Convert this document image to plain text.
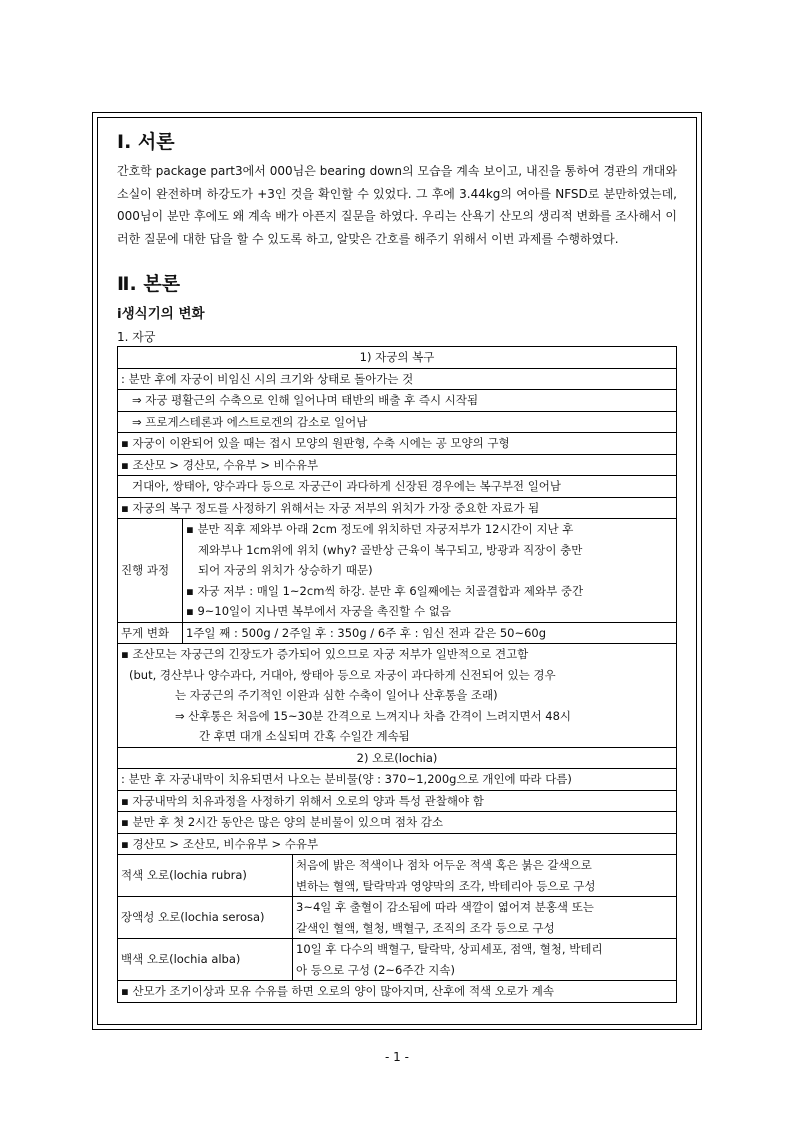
Ⅰ. 서론

간호학 package part3에서 000님은 bearing down의 모습을 계속 보이고, 내진을 통하여 경관의 개대와 소실이 완전하며 하강도가 +3인 것을 확인할 수 있었다. 그 후에 3.44kg의 여아를 NFSD로 분만하였는데, 000님이 분만 후에도 왜 계속 배가 아픈지 질문을 하였다. 우리는 산욕기 산모의 생리적 변화를 조사해서 이러한 질문에 대한 답을 할 수 있도록 하고, 알맞은 간호를 해주기 위해서 이번 과제를 수행하였다.

Ⅱ. 본론
ⅰ생식기의 변화
1. 자궁
1) 자궁의 복구	
: 분만 후에 자궁이 비임신 시의 크기와 상태로 돌아가는 것	
⇒ 자궁 평활근의 수축으로 인해 일어나며 태반의 배출 후 즉시 시작됨	
⇒ 프로게스테론과 에스트로겐의 감소로 일어남	
▪ 자궁이 이완되어 있을 때는 접시 모양의 원판형, 수축 시에는 공 모양의 구형	
▪ 조산모 > 경산모, 수유부 > 비수유부	
거대아, 쌍태아, 양수과다 등으로 자궁근이 과다하게 신장된 경우에는 복구부전 일어남	
▪ 자궁의 복구 정도를 사정하기 위해서는 자궁 저부의 위치가 가장 중요한 자료가 됨	
진행 과정	▪ 분만 직후 제와부 아래 2cm 정도에 위치하던 자궁저부가 12시간이 지난 후
제와부나 1cm위에 위치 (why? 골반상 근육이 복구되고, 방광과 직장이 충만
되어 자궁의 위치가 상승하기 때문)
▪ 자궁 저부 : 매일 1~2cm씩 하강. 분만 후 6일째에는 치골결합과 제와부 중간
▪ 9~10일이 지나면 복부에서 자궁을 촉진할 수 없음

무게 변화	1주일 째 : 500g / 2주일 후 : 350g / 6주 후 : 임신 전과 같은 50~60g

▪ 조산모는 자궁근의 긴장도가 증가되어 있으므로 자궁 저부가 일반적으로 견고함
(but, 경산부나 양수과다, 거대아, 쌍태아 등으로 자궁이 과다하게 신전되어 있는 경우
는 자궁근의 주기적인 이완과 심한 수축이 일어나 산후통을 조래)
⇒ 산후통은 처음에 15~30분 간격으로 느껴지나 차츰 간격이 느려지면서 48시
간 후면 대개 소실되며 간혹 수일간 계속됨	
2) 오로(lochia)	
: 분만 후 자궁내막이 치유되면서 나오는 분비물(양 : 370~1,200g으로 개인에 따라 다름)	
▪ 자궁내막의 치유과정을 사정하기 위해서 오로의 양과 특성 관찰해야 함	
▪ 분만 후 첫 2시간 동안은 많은 양의 분비물이 있으며 점차 감소	
▪ 경산모 > 조산모, 비수유부 > 수유부	
적색 오로(lochia rubra)	처음에 밝은 적색이나 점차 어두운 적색 혹은 붉은 갈색으로
변하는 혈액, 탈락막과 영양막의 조각, 박테리아 등으로 구성

장액성 오로(lochia serosa)	3~4일 후 출혈이 감소됨에 따라 색깔이 엷어져 분홍색 또는
갈색인 혈액, 혈청, 백혈구, 조직의 조각 등으로 구성

백색 오로(lochia alba)	10일 후 다수의 백혈구, 탈락막, 상피세포, 점액, 혈청, 박테리
아 등으로 구성 (2~6주간 지속)

▪ 산모가 조기이상과 모유 수유를 하면 오로의 양이 많아지며, 산후에 적색 오로가 계속	
- 1 -
